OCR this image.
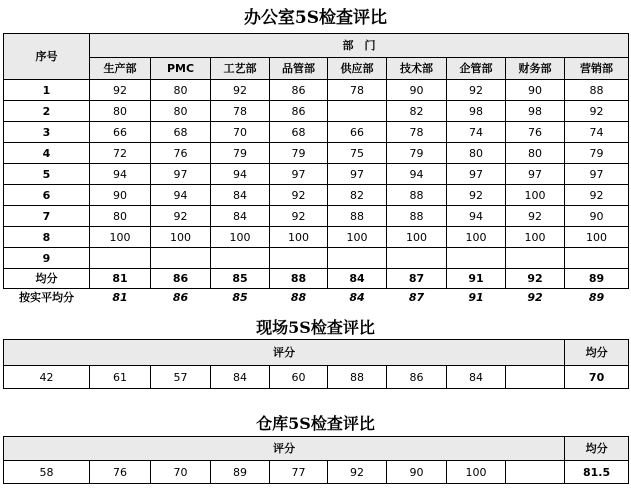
办公室5S检查评比
序号	部　门								
	生产部	PMC	工艺部	品管部	供应部	技术部	企管部	财务部	营销部
1	92	80	92	86	78	90	92	90	88
2	80	80	78	86		82	98	98	92
3	66	68	70	68	66	78	74	76	74
4	72	76	79	79	75	79	80	80	79
5	94	97	94	97	97	94	97	97	97
6	90	94	84	92	82	88	92	100	92
7	80	92	84	92	88	88	94	92	90
8	100	100	100	100	100	100	100	100	100
9									
均分	81	86	85	88	84	87	91	92	89
按实平均分	81	86	85	88	84	87	91	92	89
现场5S检查评比
评分									均分
42	61	57	84	60	88	86	84		70
仓库5S检查评比
评分									均分
58	76	70	89	77	92	90	100		81.5
